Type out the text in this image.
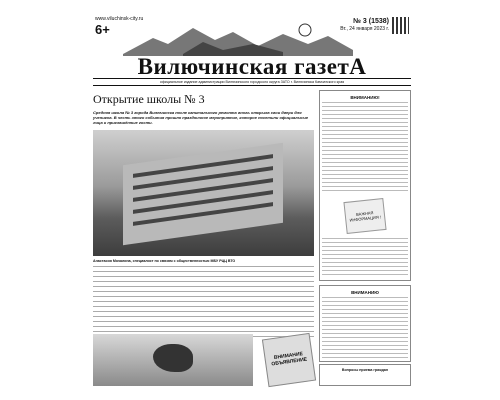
www.viluchinsk-city.ru
6+
№ 3 (1538)
Вт., 24 января 2023 г.
Вилючинская газетА
официальное издание администрации Вилючинского городского округа ЗАТО г. Вилючинска Камчатского края
Открытие школы № 3
Средняя школа № 3 города Вилючинска после капитального ремонта вновь открыла свои двери для учеников. В честь этого события прошло праздничное мероприятие, которое посетили официальные лица и приглашённые гости.
Анастасия Мочалина, специалист по связям с общественностью МБУ РЦЦ ВТО
ВНИМАНИЕ ОБЪЯВЛЕНИЕ
ВНИМАНИЮ!
ВАЖНАЯ ИНФОРМАЦИЯ !
ВНИМАНИЮ
Вопросы приема граждан
